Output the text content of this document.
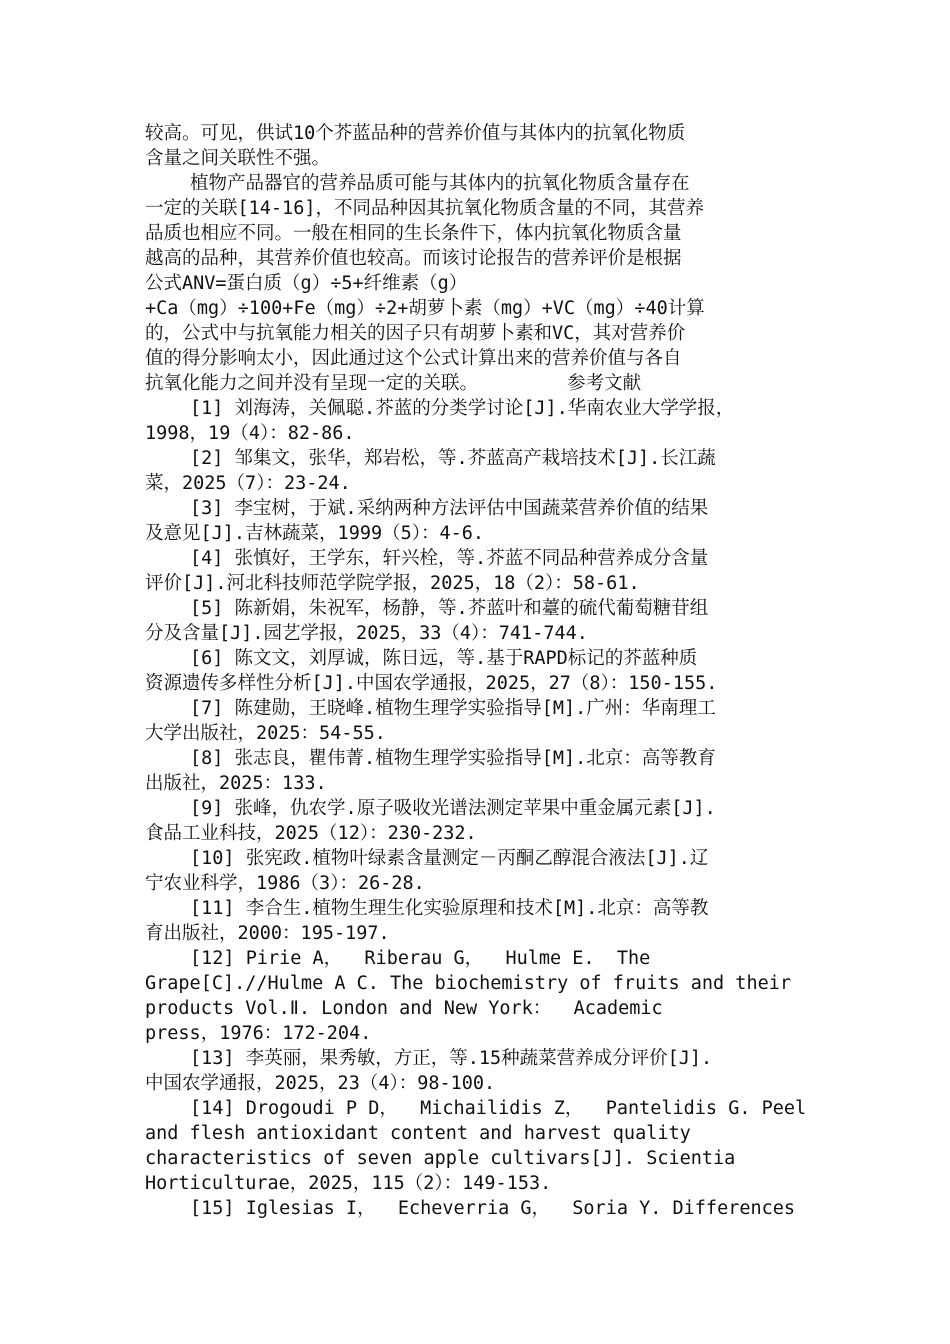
较高。可见，供试10个芥蓝品种的营养价值与其体内的抗氧化物质
含量之间关联性不强。
植物产品器官的营养品质可能与其体内的抗氧化物质含量存在
一定的关联[14-16]，不同品种因其抗氧化物质含量的不同，其营养
品质也相应不同。一般在相同的生长条件下，体内抗氧化物质含量
越高的品种，其营养价值也较高。而该讨论报告的营养评价是根据
公式ANV=蛋白质（g）÷5+纤维素（g）
+Ca（mg）÷100+Fe（mg）÷2+胡萝卜素（mg）+VC（mg）÷40计算
的，公式中与抗氧能力相关的因子只有胡萝卜素和VC，其对营养价
值的得分影响太小，因此通过这个公式计算出来的营养价值与各自
抗氧化能力之间并没有呈现一定的关联。        参考文献
[1] 刘海涛，关佩聪.芥蓝的分类学讨论[J].华南农业大学学报，
1998，19（4）：82-86.
[2] 邹集文，张华，郑岩松，等.芥蓝高产栽培技术[J].长江蔬
菜，2025（7）：23-24.
[3] 李宝树，于斌.采纳两种方法评估中国蔬菜营养价值的结果
及意见[J].吉林蔬菜，1999（5）：4-6.
[4] 张慎好，王学东，轩兴栓，等.芥蓝不同品种营养成分含量
评价[J].河北科技师范学院学报，2025，18（2）：58-61.
[5] 陈新娟，朱祝军，杨静，等.芥蓝叶和薹的硫代葡萄糖苷组
分及含量[J].园艺学报，2025，33（4）：741-744.
[6] 陈文文，刘厚诚，陈日远，等.基于RAPD标记的芥蓝种质
资源遗传多样性分析[J].中国农学通报，2025，27（8）：150-155.
[7] 陈建勋，王晓峰.植物生理学实验指导[M].广州：华南理工
大学出版社，2025：54-55.
[8] 张志良，瞿伟菁.植物生理学实验指导[M].北京：高等教育
出版社，2025：133.
[9] 张峰，仇农学.原子吸收光谱法测定苹果中重金属元素[J].
食品工业科技，2025（12）：230-232.
[10] 张宪政.植物叶绿素含量测定－丙酮乙醇混合液法[J].辽
宁农业科学，1986（3）：26-28.
[11] 李合生.植物生理生化实验原理和技术[M].北京：高等教
育出版社，2000：195-197.
[12] Pirie A，  Riberau G，  Hulme E.  The
Grape[C].//Hulme A C. The biochemistry of fruits and their
products Vol.Ⅱ. London and New York：  Academic
press，1976：172-204.
[13] 李英丽，果秀敏，方正，等.15种蔬菜营养成分评价[J].
中国农学通报，2025，23（4）：98-100.
[14] Drogoudi P D，  Michailidis Z，  Pantelidis G. Peel
and flesh antioxidant content and harvest quality
characteristics of seven apple cultivars[J]. Scientia
Horticulturae，2025，115（2）：149-153.
[15] Iglesias I，  Echeverria G，  Soria Y. Differences
